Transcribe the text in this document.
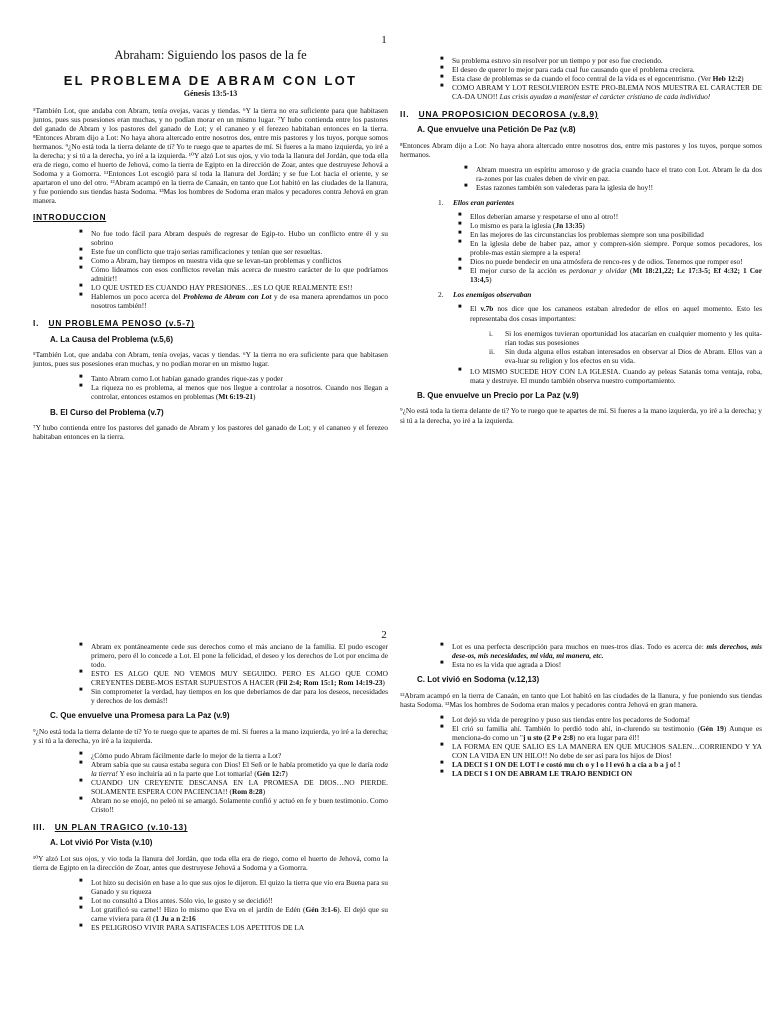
1
Abraham: Siguiendo los pasos de la fe
EL PROBLEMA DE ABRAM CON LOT
Génesis 13:5-13

⁵También Lot, que andaba con Abram, tenía ovejas, vacas y tiendas. ⁶Y la tierra no era suficiente para que habitasen juntos, pues sus posesiones eran muchas, y no podían morar en un mismo lugar. ⁷Y hubo contienda entre los pastores del ganado de Abram y los pastores del ganado de Lot; y el cananeo y el ferezeo habitaban entonces en la tierra. ⁸Entonces Abram dijo a Lot: No haya ahora altercado entre nosotros dos, entre mis pastores y los tuyos, porque somos hermanos. ⁹¿No está toda la tierra delante de ti? Yo te ruego que te apartes de mí. Si fueres a la mano izquierda, yo iré a la derecha; y si tú a la derecha, yo iré a la izquierda. ¹⁰Y alzó Lot sus ojos, y vio toda la llanura del Jordán, que toda ella era de riego, como el huerto de Jehová, como la tierra de Egipto en la dirección de Zoar, antes que destruyese Jehová a Sodoma y a Gomorra. ¹¹Entonces Lot escogió para sí toda la llanura del Jordán; y se fue Lot hacia el oriente, y se apartaron el uno del otro. ¹²Abram acampó en la tierra de Canaán, en tanto que Lot habitó en las ciudades de la llanura, y fue poniendo sus tiendas hasta Sodoma. ¹³Mas los hombres de Sodoma eran malos y pecadores contra Jehová en gran manera.

INTRODUCCION
■ No fue todo fácil para Abram después de regresar de Egip-to. Hubo un conflicto entre él y su sobrino
■ Este fue un conflicto que trajo serias ramificaciones y tenían que ser resueltas.
■ Como a Abram, hay tiempos en nuestra vida que se levan-tan problemas y conflictos
■ Cómo lideamos con esos conflictos revelan más acerca de nuestro carácter de lo que podríamos admitir!!
■ LO QUE USTED ES CUANDO HAY PRESIONES…ES LO QUE REALMENTE ES!!
■ Hablemos un poco acerca del Problema de Abram con Lot y de esa manera aprendamos un poco nosotros también!!
I. UN PROBLEMA PENOSO (v.5-7)
A. La Causa del Problema (v.5,6)

⁵También Lot, que andaba con Abram, tenía ovejas, vacas y tiendas. ⁶Y la tierra no era suficiente para que habitasen juntos, pues sus posesiones eran muchas, y no podían morar en un mismo lugar.

■ Tanto Abram como Lot habían ganado grandes rique-zas y poder
■ La riqueza no es problema, al menos que nos llegue a controlar a nosotros. Cuando nos llegan a controlar, entonces estamos en problemas (Mt 6:19-21)
B. El Curso del Problema (v.7)

⁷Y hubo contienda entre los pastores del ganado de Abram y los pastores del ganado de Lot; y el cananeo y el ferezeo habitaban entonces en la tierra.

■ Su problema estuvo sin resolver por un tiempo y por eso fue creciendo.
■ El deseo de querer lo mejor para cada cual fue causando que el problema creciera.
■ Esta clase de problemas se da cuando el foco central de la vida es el egocentrismo. (Ver Heb 12:2)
■ COMO ABRAM Y LOT RESOLVIERON ESTE PRO-BLEMA NOS MUESTRA EL CARACTER DE CA-DA UNO!! Las crisis ayudan a manifestar el carácter cristiano de cada individuo!
II. UNA PROPOSICION DECOROSA (v.8,9)
A. Que envuelve una Petición De Paz (v.8)

⁸Entonces Abram dijo a Lot: No haya ahora altercado entre nosotros dos, entre mis pastores y los tuyos, porque somos hermanos.

■ Abram muestra un espíritu amoroso y de gracia cuando hace el trato con Lot. Abram le da dos ra-zones por las cuales deben de vivir en paz.
■ Estas razones también son valederas para la iglesia de hoy!!
1. Ellos eran parientes
■ Ellos deberían amarse y respetarse el uno al otro!!
■ Lo mismo es para la iglesia (Jn 13:35)
■ En las mejores de las circunstancias los problemas siempre son una posibilidad
■ En la iglesia debe de haber paz, amor y compren-sión siempre. Porque somos pecadores, los proble-mas están siempre a la espera!
■ Dios no puede bendecir en una atmósfera de renco-res y de odios. Tenemos que romper eso!
■ El mejor curso de la acción es perdonar y olvidar (Mt 18:21,22; Lc 17:3-5; Ef 4:32; 1 Cor 13:4,5)
2. Los enemigos observaban
■ El v.7b nos dice que los cananeos estaban alrededor de ellos en aquel momento. Esto les representaba dos cosas importantes:
i. Si los enemigos tuvieran oportunidad los atacarían en cualquier momento y les quita-rían todas sus posesiones
ii. Sin duda alguna ellos estaban interesados en observar al Dios de Abram. Ellos van a eva-luar su religion y los efectos en su vida.
■ LO MISMO SUCEDE HOY CON LA IGLESIA. Cuando ay peleas Satanás toma ventaja, roba, mata y destruye. El mundo también observa nuestro comportamiento.
B. Que envuelve un Precio por La Paz (v.9)

⁹¿No está toda la tierra delante de ti? Yo te ruego que te apartes de mí. Si fueres a la mano izquierda, yo iré a la derecha; y si tú a la derecha, yo iré a la izquierda.

2
■ Abram ex pontáneamente cede sus derechos como el más anciano de la familia. El pudo escoger primero, pero él lo concede a Lot. El pone la felicidad, el deseo y los derechos de Lot por encima de todo.
■ ESTO ES ALGO QUE NO VEMOS MUY SEGUIDO. PERO ES ALGO QUE COMO CREYENTES DEBE-MOS ESTAR SUPUESTOS A HACER (Fil 2:4; Rom 15:1; Rom 14:19-23)
■ Sin comprometer la verdad, hay tiempos en los que deberíamos de dar para los deseos, necesidades y derechos de los demás!!
C. Que envuelve una Promesa para La Paz (v.9)

⁹¿No está toda la tierra delante de ti? Yo te ruego que te apartes de mí. Si fueres a la mano izquierda, yo iré a la derecha; y si tú a la derecha, yo iré a la izquierda.

■ ¿Cómo pudo Abram fácilmente darle lo mejor de la tierra a Lot?
■ Abram sabía que su causa estaba segura con Dios! El Señ or le había prometido ya que le daría toda la tierra! Y eso incluiría aú n la parte que Lot tomaría! (Gén 12:7)
■ CUANDO UN CREYENTE DESCANSA EN LA PROMESA DE DIOS…NO PIERDE. SOLAMENTE ESPERA CON PACIENCIA!! (Rom 8:28)
■ Abram no se enojó, no peleó ni se amargó. Solamente confió y actuó en fe y buen testimonio. Como Cristo!!
III. UN PLAN TRAGICO (v.10-13)
A. Lot vivió Por Vista (v.10)

¹⁰Y alzó Lot sus ojos, y vio toda la llanura del Jordán, que toda ella era de riego, como el huerto de Jehová, como la tierra de Egipto en la dirección de Zoar, antes que destruyese Jehová a Sodoma y a Gomorra.

■ Lot hizo su decisión en base a lo que sus ojos le dijeron. El quizo la tierra que vio era Buena para su Ganado y su riqueza
■ Lot no consultó a Dios antes. Sólo vio, le gusto y se decidió!!
■ Lot gratificó su carne!! Hizo lo mismo que Eva en el jardín de Edén (Gén 3:1-6). El dejó que su carne viviera para él (1 Ju a n 2:16
■ ES PELIGROSO VIVIR PARA SATISFACES LOS APETITOS DE LA
■ Lot es una perfecta descripción para muchos en nues-tros días. Todo es acerca de: mis derechos, mis dese-os, mis necesidades, mi vida, mi manera, etc.
■ Esta no es la vida que agrada a Dios!
C. Lot vivió en Sodoma (v.12,13)

¹²Abram acampó en la tierra de Canaán, en tanto que Lot habitó en las ciudades de la llanura, y fue poniendo sus tiendas hasta Sodoma. ¹³Mas los hombres de Sodoma eran malos y pecadores contra Jehová en gran manera.

■ Lot dejó su vida de peregrino y puso sus tiendas entre los pecadores de Sodoma!
■ El crió su familia ahí. También lo perdió todo ahí, in-clurendo su testimonio (Gén 19) Aunque es menciona-do como un "j u sto (2 P e 2:8) no era lugar para él!!
■ LA FORMA EN QUE SALIO ES LA MANERA EN QUE MUCHOS SALEN…CORRIENDO Y YA CON LA VIDA EN UN HILO!! No debe de ser así para los hijos de Dios!
■ LA DECI S I ON DE LOT l e costó mu ch o y l o l l evó h a cia a b a j o! !
■ LA DECI S I ON DE ABRAM LE TRAJO BENDICI ON
